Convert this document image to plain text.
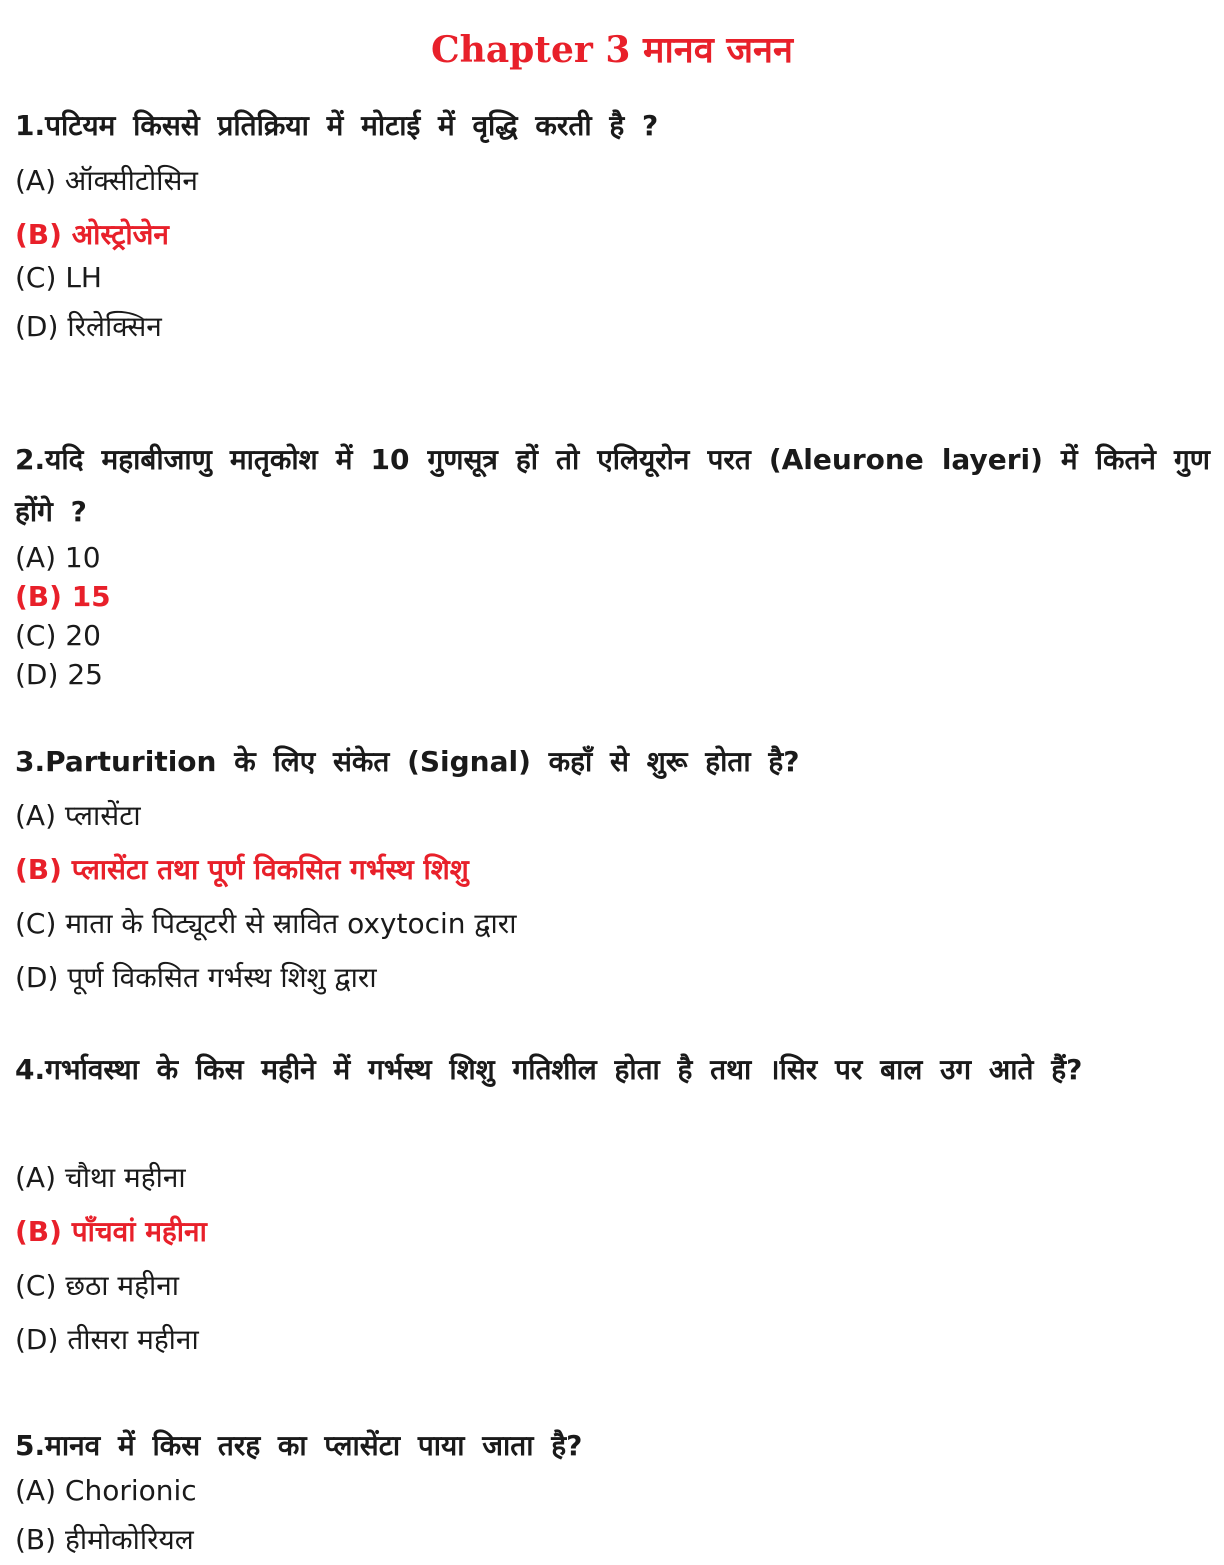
Chapter 3 मानव जनन
1.पटियम किससे प्रतिक्रिया में मोटाई में वृद्धि करती है ?
(A) ऑक्सीटोसिन
(B) ओस्ट्रोजेन
(C) LH
(D) रिलेक्सिन
2.यदि महाबीजाणु मातृकोश में 10 गुणसूत्र हों तो एलियूरोन परत (Aleurone layeri) में कितने गुण होंगे ?
(A) 10
(B) 15
(C) 20
(D) 25
3.Parturition के लिए संकेत (Signal) कहाँ से शुरू होता है?
(A) प्लासेंटा
(B) प्लासेंटा तथा पूर्ण विकसित गर्भस्थ शिशु
(C) माता के पिट्यूटरी से स्रावित oxytocin द्वारा
(D) पूर्ण विकसित गर्भस्थ शिशु द्वारा
4.गर्भावस्था के किस महीने में गर्भस्थ शिशु गतिशील होता है तथा ।सिर पर बाल उग आते हैं?
(A) चौथा महीना
(B) पाँचवां महीना
(C) छठा महीना
(D) तीसरा महीना
5.मानव में किस तरह का प्लासेंटा पाया जाता है?
(A) Chorionic
(B) हीमोकोरियल
